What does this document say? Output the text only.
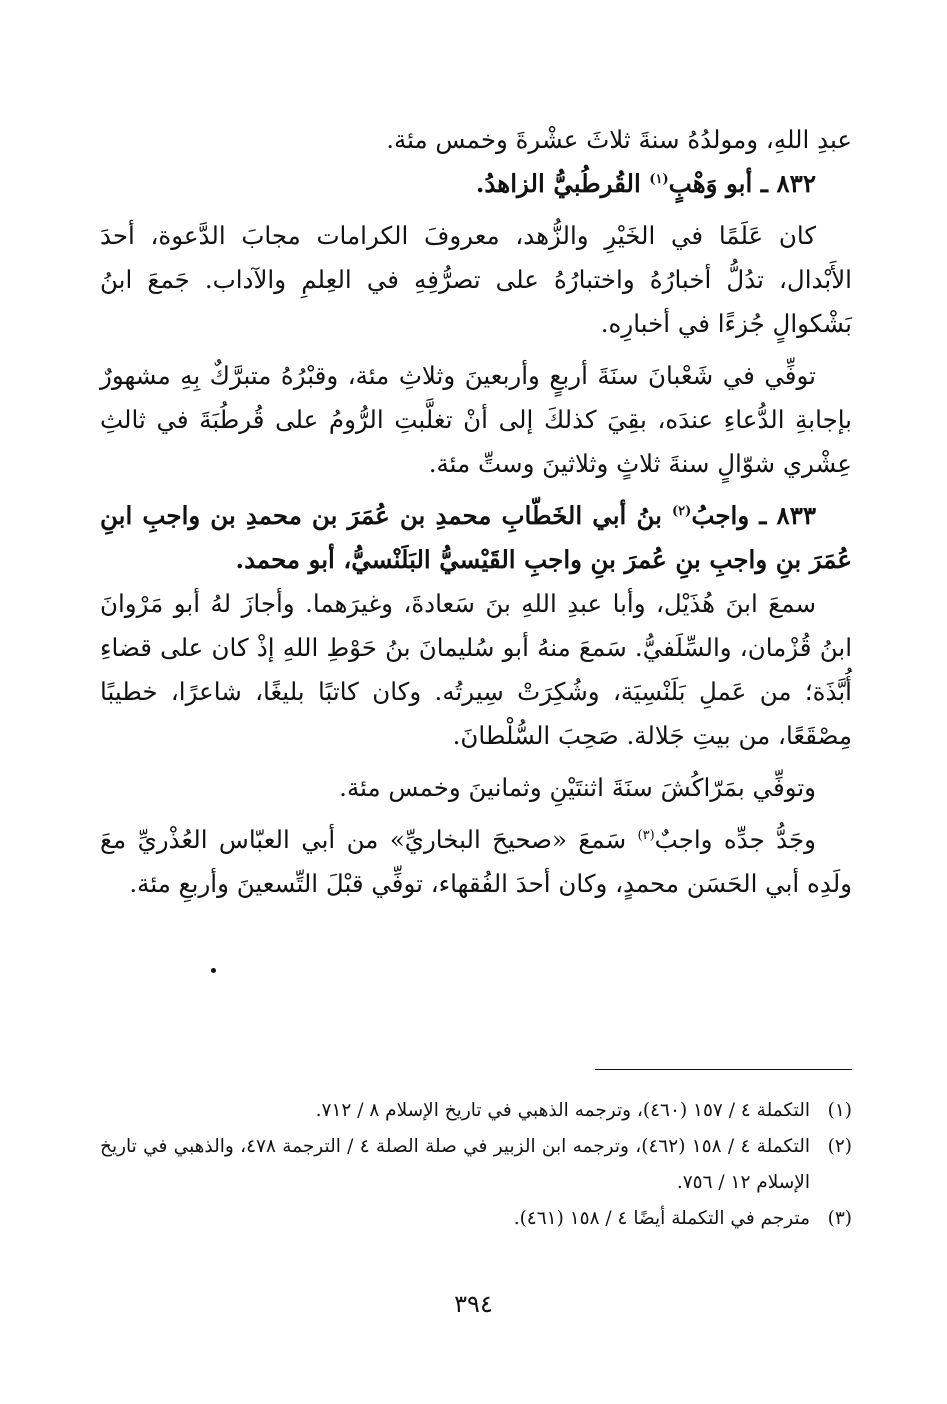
عبدِ اللهِ، ومولدُهُ سنةَ ثلاثَ عشْرةَ وخمس مئة.

٨٣٢ ـ أبو وَهْبٍ$^{(١)}$ القُرطُبيُّ الزاهدُ.

كان عَلَمًا في الخَيْرِ والزُّهد، معروفَ الكرامات مجابَ الدَّعوة، أحدَ الأَبْدال، تدُلُّ أخبارُهُ واختبارُهُ على تصرُّفِهِ في العِلمِ والآداب. جَمعَ ابنُ بَشْكوالٍ جُزءًا في أخبارِه.

توفِّي في شَعْبانَ سنَةَ أربعٍ وأربعينَ وثلاثِ مئة، وقبْرُهُ متبرَّكٌ بِهِ مشهورٌ بإجابةِ الدُّعاءِ عندَه، بقِيَ كذلكَ إلى أنْ تغلَّبتِ الرُّومُ على قُرطُبَةَ في ثالثِ عِشْري شوّالٍ سنةَ ثلاثٍ وثلاثينَ وستِّ مئة.

٨٣٣ ـ واجبُ$^{(٢)}$ بنُ أبي الخَطّابِ محمدِ بن عُمَرَ بن محمدِ بن واجبِ ابنِ عُمَرَ بنِ واجبِ بنِ عُمرَ بنِ واجبِ القَيْسيُّ البَلَنْسيُّ، أبو محمد.

سمعَ ابنَ هُذَيْل، وأبا عبدِ اللهِ بنَ سَعادةَ، وغيرَهما. وأجازَ لهُ أبو مَرْوانَ ابنُ قُزْمان، والسِّلَفيُّ. سَمعَ منهُ أبو سُليمانَ بنُ حَوْطِ اللهِ إذْ كان على قضاءِ أُبَّذَة؛ من عَملِ بَلَنْسِيَة، وشُكِرَتْ سِيرتُه. وكان كاتبًا بليغًا، شاعرًا، خطيبًا مِصْقَعًا، من بيتِ جَلالة. صَحِبَ السُّلْطانَ.

وتوفِّي بمَرّاكُشَ سنَةَ اثنتَيْنِ وثمانينَ وخمس مئة.

وجَدُّ جدِّه واجبٌ$^{(٣)}$ سَمعَ «صحيحَ البخاريِّ» من أبي العبّاس العُذْريِّ معَ ولَدِه أبي الحَسَن محمدٍ، وكان أحدَ الفُقهاء، توفِّي قبْلَ التِّسعينَ وأربعِ مئة.

(١)
التكملة ٤ / ١٥٧ (٤٦٠)، وترجمه الذهبي في تاريخ الإسلام ٨ / ٧١٢.
(٢)
التكملة ٤ / ١٥٨ (٤٦٢)، وترجمه ابن الزبير في صلة الصلة ٤ / الترجمة ٤٧٨، والذهبي في تاريخ الإسلام ١٢ / ٧٥٦.
(٣)
مترجم في التكملة أيضًا ٤ / ١٥٨ (٤٦١).
٣٩٤
